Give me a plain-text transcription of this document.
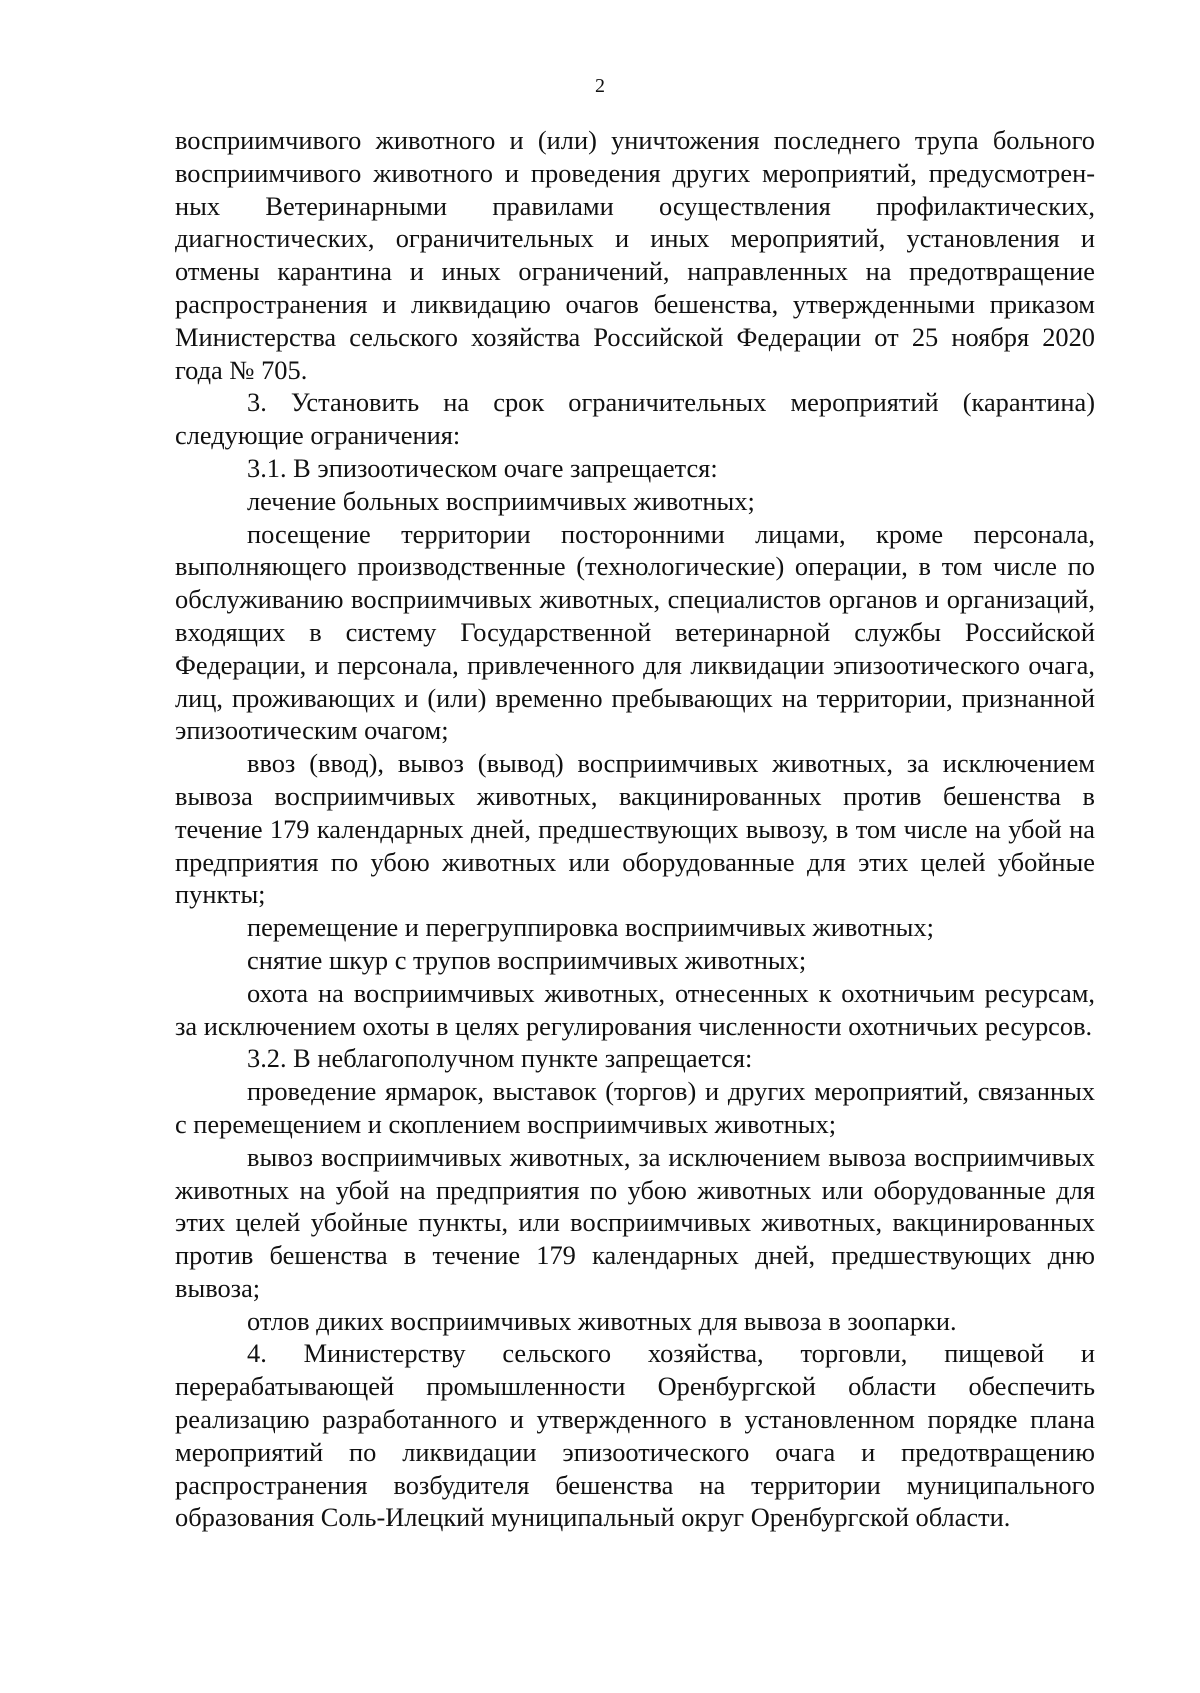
2

восприимчивого животного и (или) уничтожения последнего трупа больного восприимчивого животного и проведения других мероприятий, предусмотренных Ветеринарными правилами осуществления профилактических, диагностических, ограничительных и иных мероприятий, установления и отмены карантина и иных ограничений, направленных на предотвращение распространения и ликвидацию очагов бешенства, утвержденными приказом Министерства сельского хозяйства Российской Федерации от 25 ноября 2020 года № 705.

3. Установить на срок ограничительных мероприятий (карантина) следующие ограничения:

3.1. В эпизоотическом очаге запрещается:

лечение больных восприимчивых животных;

посещение территории посторонними лицами, кроме персонала, выполняющего производственные (технологические) операции, в том числе по обслуживанию восприимчивых животных, специалистов органов и организаций, входящих в систему Государственной ветеринарной службы Российской Федерации, и персонала, привлеченного для ликвидации эпизоотического очага, лиц, проживающих и (или) временно пребывающих на территории, признанной эпизоотическим очагом;

ввоз (ввод), вывоз (вывод) восприимчивых животных, за исключением вывоза восприимчивых животных, вакцинированных против бешенства в течение 179 календарных дней, предшествующих вывозу, в том числе на убой на предприятия по убою животных или оборудованные для этих целей убойные пункты;

перемещение и перегруппировка восприимчивых животных;

снятие шкур с трупов восприимчивых животных;

охота на восприимчивых животных, отнесенных к охотничьим ресурсам, за исключением охоты в целях регулирования численности охотничьих ресурсов.

3.2. В неблагополучном пункте запрещается:

проведение ярмарок, выставок (торгов) и других мероприятий, связанных с перемещением и скоплением восприимчивых животных;

вывоз восприимчивых животных, за исключением вывоза восприимчивых животных на убой на предприятия по убою животных или оборудованные для этих целей убойные пункты, или восприимчивых животных, вакцинированных против бешенства в течение 179 календарных дней, предшествующих дню вывоза;

отлов диких восприимчивых животных для вывоза в зоопарки.

4. Министерству сельского хозяйства, торговли, пищевой и перерабатывающей промышленности Оренбургской области обеспечить реализацию разработанного и утвержденного в установленном порядке плана мероприятий по ликвидации эпизоотического очага и предотвращению распространения возбудителя бешенства на территории муниципального образования Соль-Илецкий муниципальный округ Оренбургской области.
